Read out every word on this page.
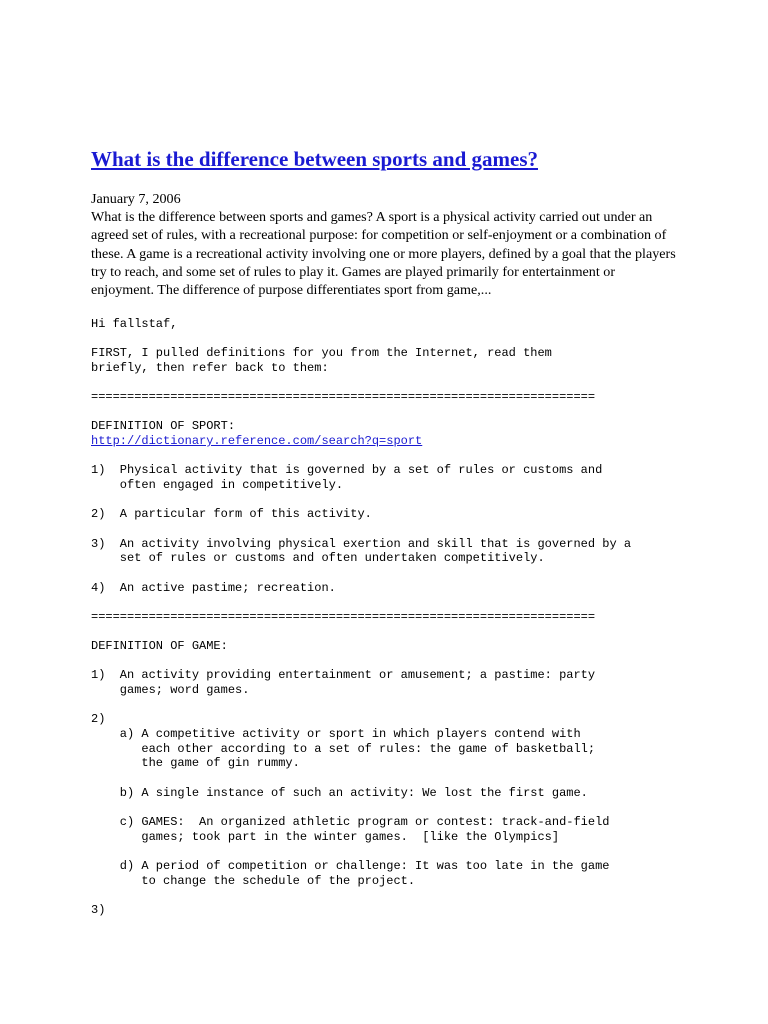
What is the difference between sports and games?
January 7, 2006

What is the difference between sports and games? A sport is a physical activity carried out under an agreed set of rules, with a recreational purpose: for competition or self-enjoyment or a combination of these. A game is a recreational activity involving one or more players, defined by a goal that the players try to reach, and some set of rules to play it. Games are played primarily for entertainment or enjoyment. The difference of purpose differentiates sport from game,...

Hi fallstaf,
FIRST, I pulled definitions for you from the Internet, read them
briefly, then refer back to them:
======================================================================
DEFINITION OF SPORT:
http://dictionary.reference.com/search?q=sport
1)  Physical activity that is governed by a set of rules or customs and
often engaged in competitively.
2)  A particular form of this activity.
3)  An activity involving physical exertion and skill that is governed by a
set of rules or customs and often undertaken competitively.
4)  An active pastime; recreation.
======================================================================
DEFINITION OF GAME:
1)  An activity providing entertainment or amusement; a pastime: party
games; word games.
2)
a) A competitive activity or sport in which players contend with
each other according to a set of rules: the game of basketball;
the game of gin rummy.
b) A single instance of such an activity: We lost the first game.
c) GAMES:  An organized athletic program or contest: track-and-field
games; took part in the winter games.  [like the Olympics]
d) A period of competition or challenge: It was too late in the game
to change the schedule of the project.
3)
